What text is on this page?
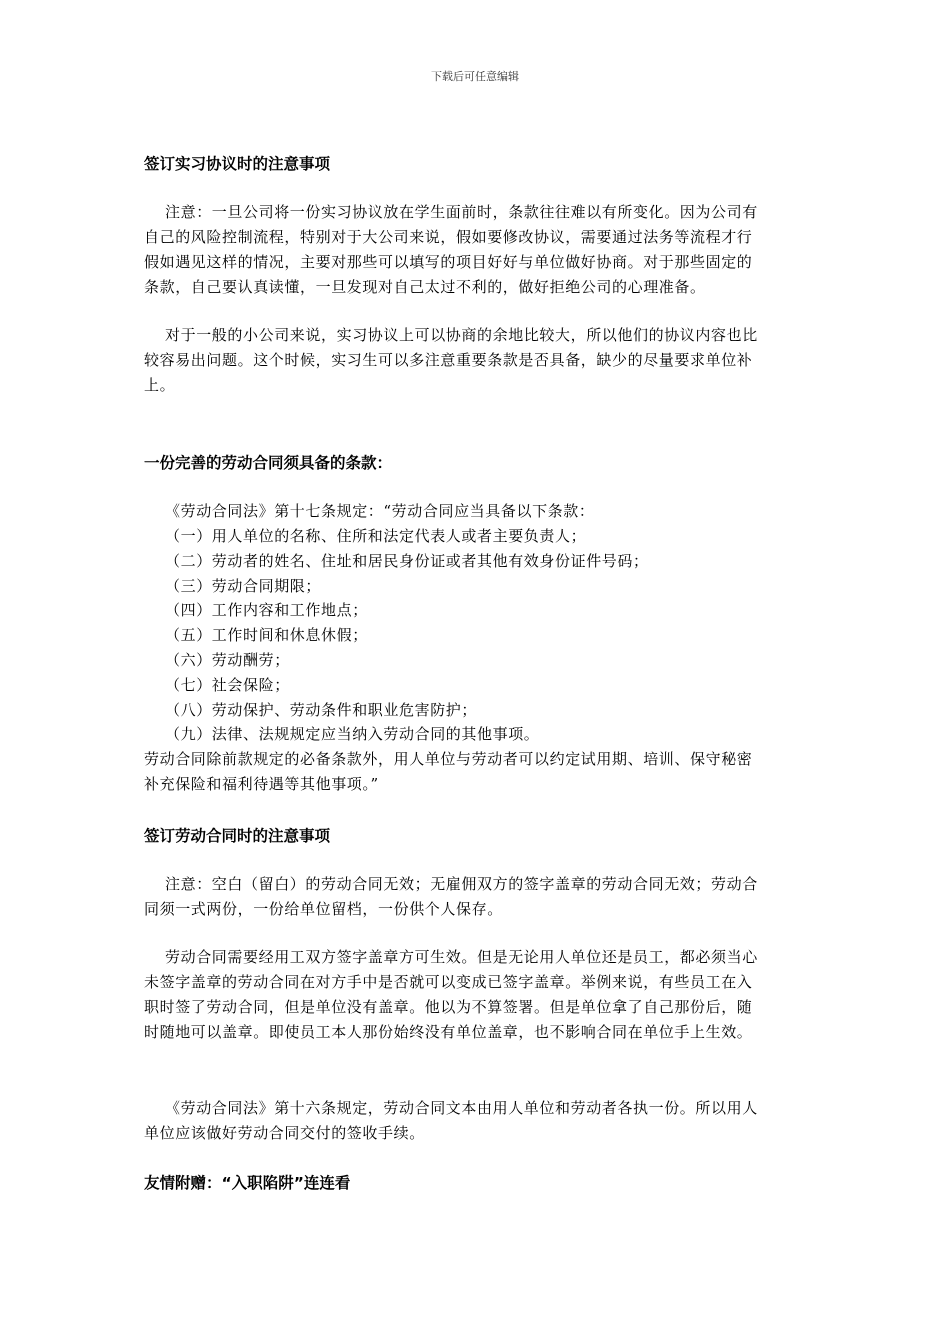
下载后可任意编辑
签订实习协议时的注意事项
注意：一旦公司将一份实习协议放在学生面前时，条款往往难以有所变化。因为公司有
自己的风险控制流程，特别对于大公司来说，假如要修改协议，需要通过法务等流程才行
假如遇见这样的情况，主要对那些可以填写的项目好好与单位做好协商。对于那些固定的
条款，自己要认真读懂，一旦发现对自己太过不利的，做好拒绝公司的心理准备。
对于一般的小公司来说，实习协议上可以协商的余地比较大，所以他们的协议内容也比
较容易出问题。这个时候，实习生可以多注意重要条款是否具备，缺少的尽量要求单位补
上。
一份完善的劳动合同须具备的条款：
《劳动合同法》第十七条规定：“劳动合同应当具备以下条款：
（一）用人单位的名称、住所和法定代表人或者主要负责人；
（二）劳动者的姓名、住址和居民身份证或者其他有效身份证件号码；
（三）劳动合同期限；
（四）工作内容和工作地点；
（五）工作时间和休息休假；
（六）劳动酬劳；
（七）社会保险；
（八）劳动保护、劳动条件和职业危害防护；
（九）法律、法规规定应当纳入劳动合同的其他事项。
劳动合同除前款规定的必备条款外，用人单位与劳动者可以约定试用期、培训、保守秘密
补充保险和福利待遇等其他事项。”
签订劳动合同时的注意事项
注意：空白（留白）的劳动合同无效；无雇佣双方的签字盖章的劳动合同无效；劳动合
同须一式两份，一份给单位留档，一份供个人保存。
劳动合同需要经用工双方签字盖章方可生效。但是无论用人单位还是员工，都必须当心
未签字盖章的劳动合同在对方手中是否就可以变成已签字盖章。举例来说，有些员工在入
职时签了劳动合同，但是单位没有盖章。他以为不算签署。但是单位拿了自己那份后，随
时随地可以盖章。即使员工本人那份始终没有单位盖章，也不影响合同在单位手上生效。
《劳动合同法》第十六条规定，劳动合同文本由用人单位和劳动者各执一份。所以用人
单位应该做好劳动合同交付的签收手续。
友情附赠：“入职陷阱”连连看
